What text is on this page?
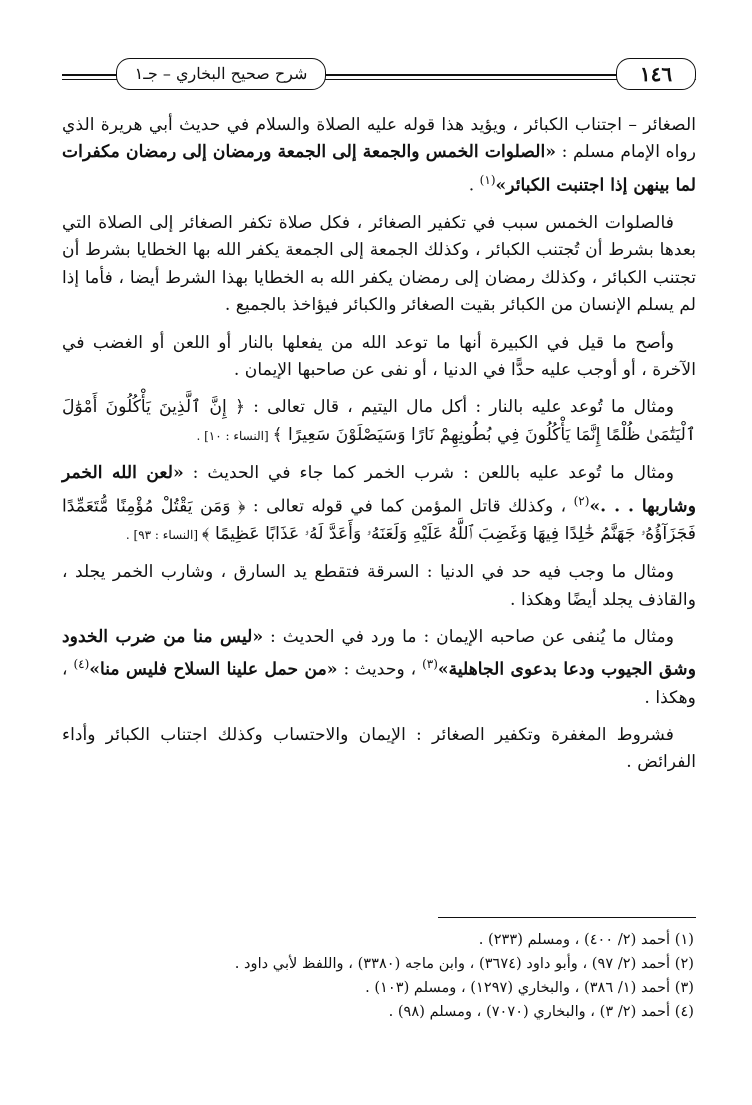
شرح صحيح البخاري – جـ١	١٤٦

الصغائر – اجتناب الكبائر ، ويؤيد هذا قوله عليه الصلاة والسلام في حديث أبي هريرة الذي رواه الإمام مسلم : «الصلوات الخمس والجمعة إلى الجمعة ورمضان إلى رمضان مكفرات لما بينهن إذا اجتنبت الكبائر»$^{(١)}$ .

فالصلوات الخمس سبب في تكفير الصغائر ، فكل صلاة تكفر الصغائر إلى الصلاة التي بعدها بشرط أن تُجتنب الكبائر ، وكذلك الجمعة إلى الجمعة يكفر الله بها الخطايا بشرط أن تجتنب الكبائر ، وكذلك رمضان إلى رمضان يكفر الله به الخطايا بهذا الشرط أيضا ، فأما إذا لم يسلم الإنسان من الكبائر بقيت الصغائر والكبائر فيؤاخذ بالجميع .

وأصح ما قيل في الكبيرة أنها ما توعد الله من يفعلها بالنار أو اللعن أو الغضب في الآخرة ، أو أوجب عليه حدًّا في الدنيا ، أو نفى عن صاحبها الإيمان .

ومثال ما تُوعد عليه بالنار : أكل مال اليتيم ، قال تعالى : ﴿ إِنَّ ٱلَّذِينَ يَأْكُلُونَ أَمْوَٰلَ ٱلْيَتَٰمَىٰ ظُلْمًا إِنَّمَا يَأْكُلُونَ فِي بُطُونِهِمْ نَارًا وَسَيَصْلَوْنَ سَعِيرًا ﴾ [النساء : ١٠] .

ومثال ما تُوعد عليه باللعن : شرب الخمر كما جاء في الحديث : «لعن الله الخمر وشاربها . . .»$^{(٢)}$ ، وكذلك قاتل المؤمن كما في قوله تعالى : ﴿ وَمَن يَقْتُلْ مُؤْمِنًا مُّتَعَمِّدًا فَجَزَآؤُهُۥ جَهَنَّمُ خَٰلِدًا فِيهَا وَغَضِبَ ٱللَّهُ عَلَيْهِ وَلَعَنَهُۥ وَأَعَدَّ لَهُۥ عَذَابًا عَظِيمًا ﴾ [النساء : ٩٣] .

ومثال ما وجب فيه حد في الدنيا : السرقة فتقطع يد السارق ، وشارب الخمر يجلد ، والقاذف يجلد أيضًا وهكذا .

ومثال ما يُنفى عن صاحبه الإيمان : ما ورد في الحديث : «ليس منا من ضرب الخدود وشق الجيوب ودعا بدعوى الجاهلية»$^{(٣)}$ ، وحديث : «من حمل علينا السلاح فليس منا»$^{(٤)}$ ، وهكذا .

فشروط المغفرة وتكفير الصغائر : الإيمان والاحتساب وكذلك اجتناب الكبائر وأداء الفرائض .

(١) أحمد (٢/ ٤٠٠) ، ومسلم (٢٣٣) .
(٢) أحمد (٢/ ٩٧) ، وأبو داود (٣٦٧٤) ، وابن ماجه (٣٣٨٠) ، واللفظ لأبي داود .
(٣) أحمد (١/ ٣٨٦) ، والبخاري (١٢٩٧) ، ومسلم (١٠٣) .
(٤) أحمد (٢/ ٣) ، والبخاري (٧٠٧٠) ، ومسلم (٩٨) .
